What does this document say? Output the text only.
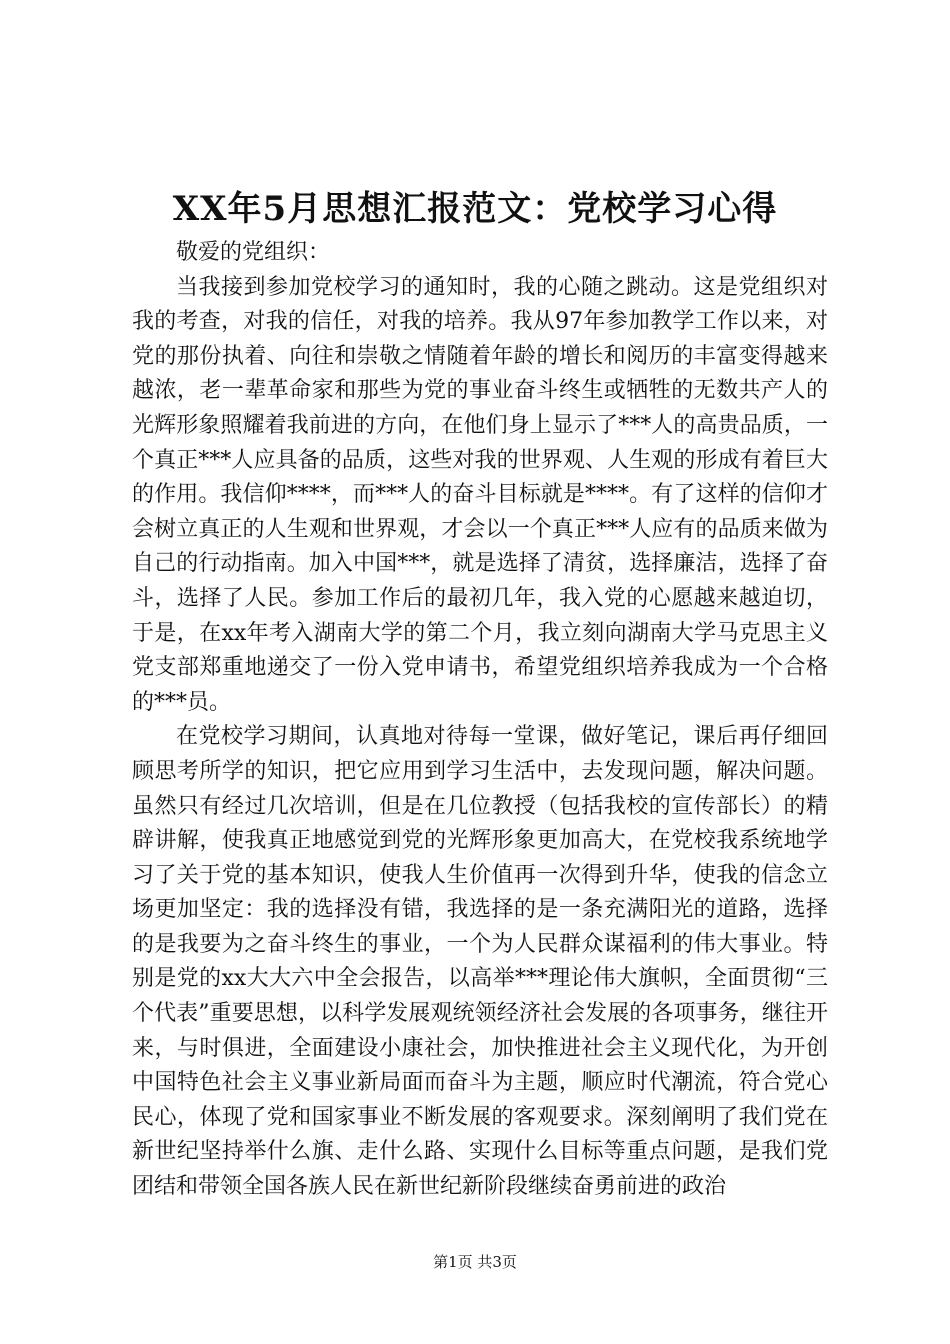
XX年5月思想汇报范文：党校学习心得

敬爱的党组织：

当我接到参加党校学习的通知时，我的心随之跳动。这是党组织对我的考查，对我的信任，对我的培养。我从97年参加教学工作以来，对党的那份执着、向往和崇敬之情随着年龄的增长和阅历的丰富变得越来越浓，老一辈革命家和那些为党的事业奋斗终生或牺牲的无数共产人的光辉形象照耀着我前进的方向，在他们身上显示了***人的高贵品质，一个真正***人应具备的品质，这些对我的世界观、人生观的形成有着巨大的作用。我信仰****，而***人的奋斗目标就是****。有了这样的信仰才会树立真正的人生观和世界观，才会以一个真正***人应有的品质来做为自己的行动指南。加入中国***，就是选择了清贫，选择廉洁，选择了奋斗，选择了人民。参加工作后的最初几年，我入党的心愿越来越迫切，于是，在xx年考入湖南大学的第二个月，我立刻向湖南大学马克思主义党支部郑重地递交了一份入党申请书，希望党组织培养我成为一个合格的***员。

在党校学习期间，认真地对待每一堂课，做好笔记，课后再仔细回顾思考所学的知识，把它应用到学习生活中，去发现问题，解决问题。虽然只有经过几次培训，但是在几位教授（包括我校的宣传部长）的精辟讲解，使我真正地感觉到党的光辉形象更加高大，在党校我系统地学习了关于党的基本知识，使我人生价值再一次得到升华，使我的信念立场更加坚定：我的选择没有错，我选择的是一条充满阳光的道路，选择的是我要为之奋斗终生的事业，一个为人民群众谋福利的伟大事业。特别是党的xx大大六中全会报告，以高举***理论伟大旗帜，全面贯彻“三个代表”重要思想，以科学发展观统领经济社会发展的各项事务，继往开来，与时俱进，全面建设小康社会，加快推进社会主义现代化，为开创中国特色社会主义事业新局面而奋斗为主题，顺应时代潮流，符合党心民心，体现了党和国家事业不断发展的客观要求。深刻阐明了我们党在新世纪坚持举什么旗、走什么路、实现什么目标等重点问题，是我们党团结和带领全国各族人民在新世纪新阶段继续奋勇前进的政治

第1页 共3页
